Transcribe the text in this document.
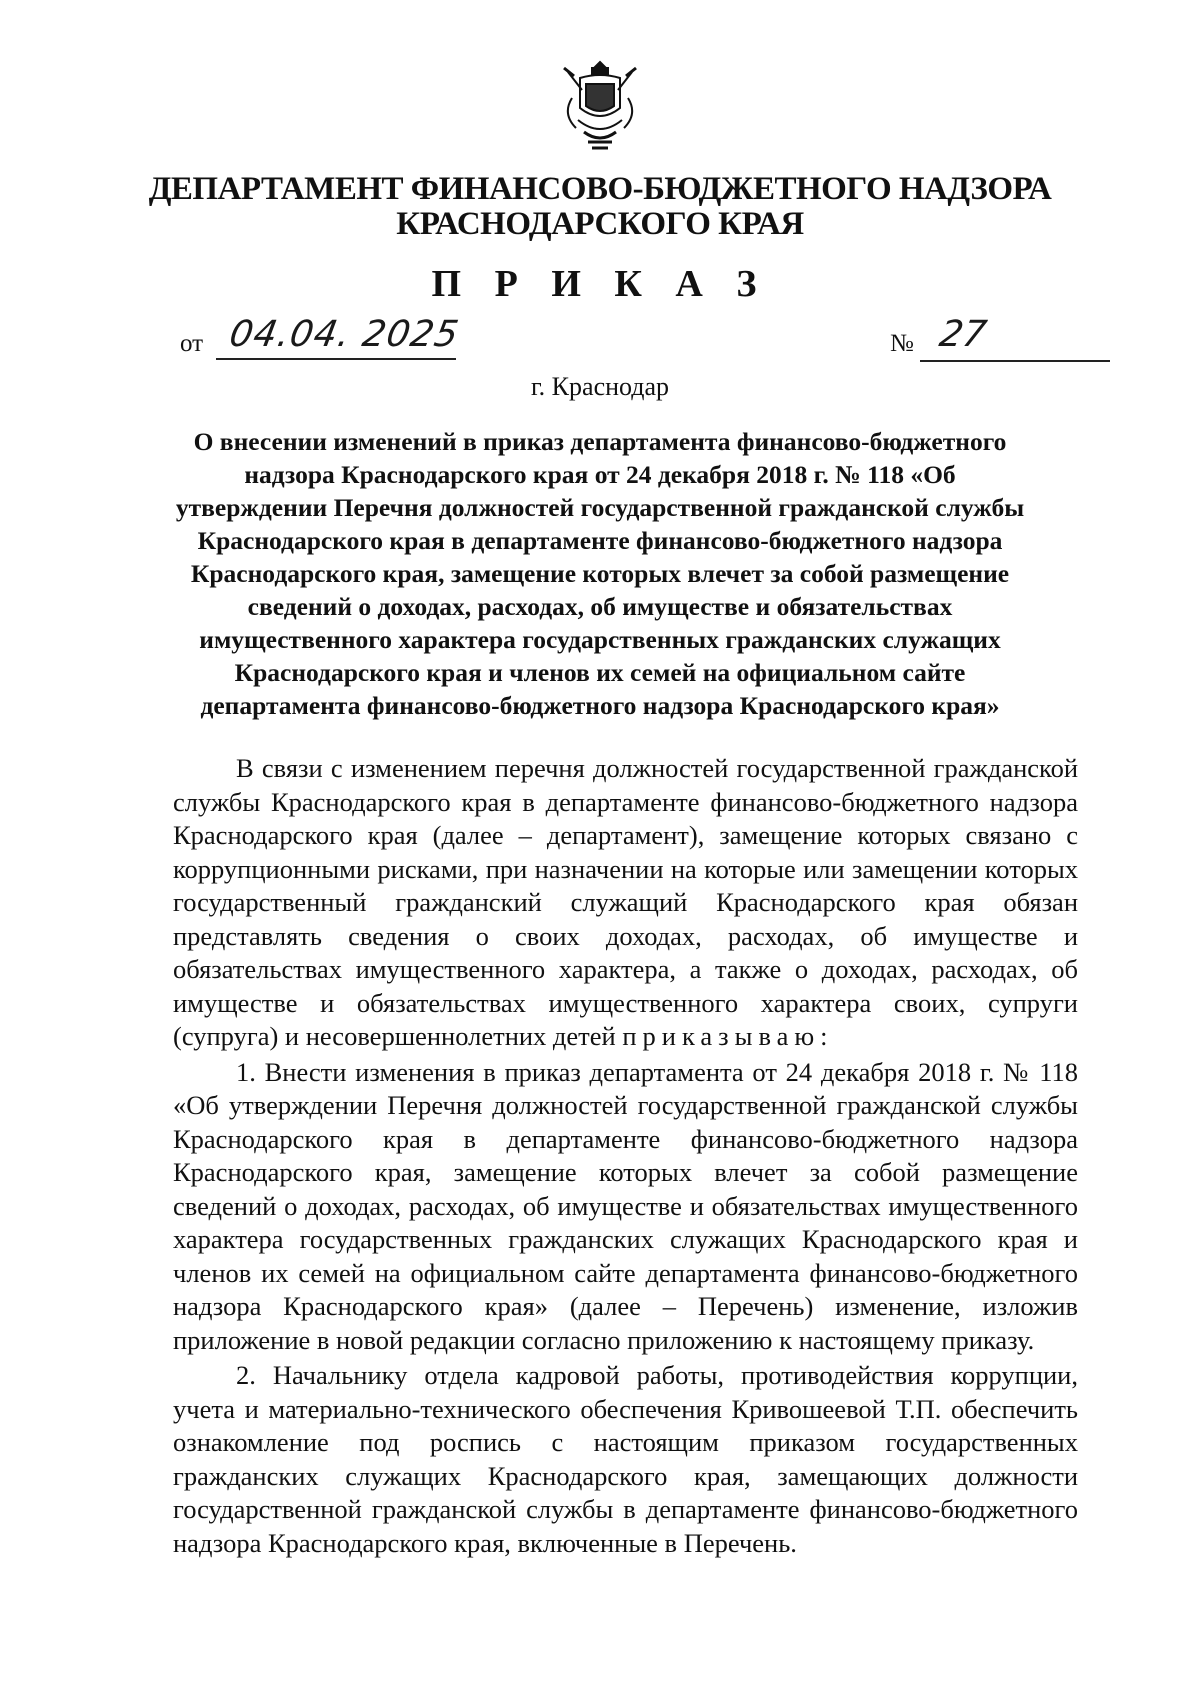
ДЕПАРТАМЕНТ ФИНАНСОВО-БЮДЖЕТНОГО НАДЗОРА
КРАСНОДАРСКОГО КРАЯ
П Р И К А З
от 04.04. 2025	№ 27
г. Краснодар
О внесении изменений в приказ департамента финансово-бюджетного надзора Краснодарского края от 24 декабря 2018 г. № 118 «Об утверждении Перечня должностей государственной гражданской службы Краснодарского края в департаменте финансово-бюджетного надзора Краснодарского края, замещение которых влечет за собой размещение сведений о доходах, расходах, об имуществе и обязательствах имущественного характера государственных гражданских служащих Краснодарского края и членов их семей на официальном сайте департамента финансово-бюджетного надзора Краснодарского края»

В связи с изменением перечня должностей государственной гражданской службы Краснодарского края в департаменте финансово-бюджетного надзора Краснодарского края (далее – департамент), замещение которых связано с коррупционными рисками, при назначении на которые или замещении которых государственный гражданский служащий Краснодарского края обязан представлять сведения о своих доходах, расходах, об имуществе и обязательствах имущественного характера, а также о доходах, расходах, об имуществе и обязательствах имущественного характера своих, супруги (супруга) и несовершеннолетних детей приказываю:

1. Внести изменения в приказ департамента от 24 декабря 2018 г. № 118 «Об утверждении Перечня должностей государственной гражданской службы Краснодарского края в департаменте финансово-бюджетного надзора Краснодарского края, замещение которых влечет за собой размещение сведений о доходах, расходах, об имуществе и обязательствах имущественного характера государственных гражданских служащих Краснодарского края и членов их семей на официальном сайте департамента финансово-бюджетного надзора Краснодарского края» (далее – Перечень) изменение, изложив приложение в новой редакции согласно приложению к настоящему приказу.

2. Начальнику отдела кадровой работы, противодействия коррупции, учета и материально-технического обеспечения Кривошеевой Т.П. обеспечить ознакомление под роспись с настоящим приказом государственных гражданских служащих Краснодарского края, замещающих должности государственной гражданской службы в департаменте финансово-бюджетного надзора Краснодарского края, включенные в Перечень.
